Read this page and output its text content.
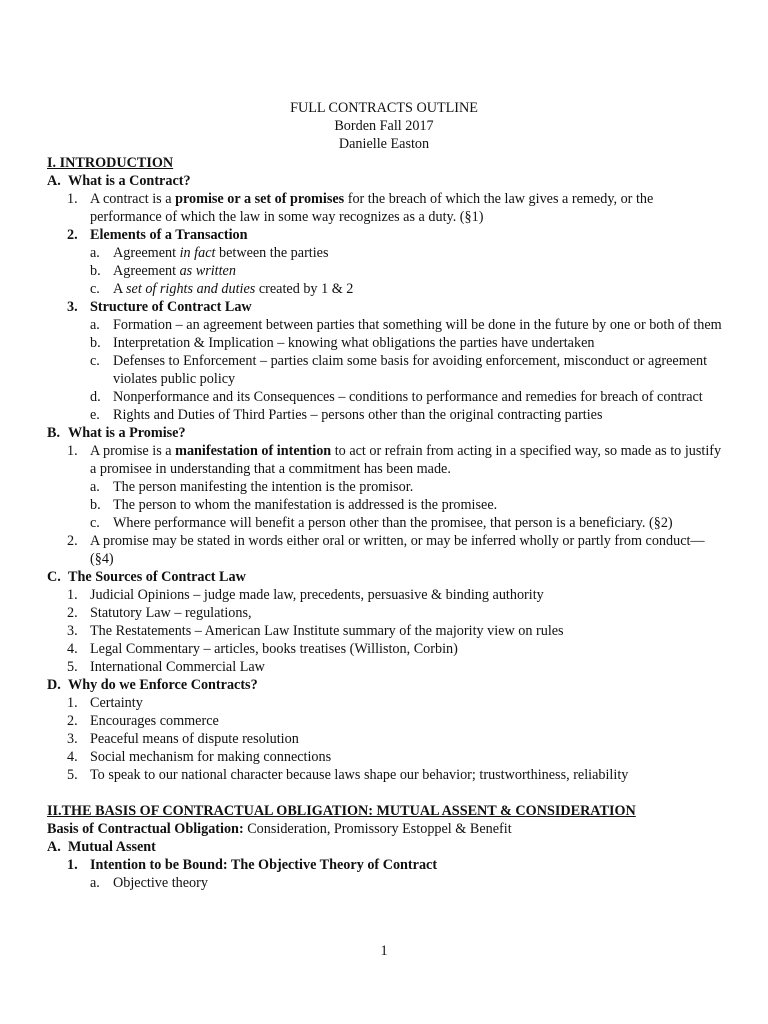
FULL CONTRACTS OUTLINE
Borden Fall 2017
Danielle Easton
I. INTRODUCTION
A. What is a Contract?
1. A contract is a promise or a set of promises for the breach of which the law gives a remedy, or the performance of which the law in some way recognizes as a duty. (§1)
2. Elements of a Transaction
a. Agreement in fact between the parties
b. Agreement as written
c. A set of rights and duties created by 1 & 2
3. Structure of Contract Law
a. Formation – an agreement between parties that something will be done in the future by one or both of them
b. Interpretation & Implication – knowing what obligations the parties have undertaken
c. Defenses to Enforcement – parties claim some basis for avoiding enforcement, misconduct or agreement violates public policy
d. Nonperformance and its Consequences – conditions to performance and remedies for breach of contract
e. Rights and Duties of Third Parties – persons other than the original contracting parties
B. What is a Promise?
1. A promise is a manifestation of intention to act or refrain from acting in a specified way, so made as to justify a promisee in understanding that a commitment has been made.
a. The person manifesting the intention is the promisor.
b. The person to whom the manifestation is addressed is the promisee.
c. Where performance will benefit a person other than the promisee, that person is a beneficiary. (§2)
2. A promise may be stated in words either oral or written, or may be inferred wholly or partly from conduct—(§4)
C. The Sources of Contract Law
1. Judicial Opinions – judge made law, precedents, persuasive & binding authority
2. Statutory Law – regulations,
3. The Restatements – American Law Institute summary of the majority view on rules
4. Legal Commentary – articles, books treatises (Williston, Corbin)
5. International Commercial Law
D. Why do we Enforce Contracts?
1. Certainty
2. Encourages commerce
3. Peaceful means of dispute resolution
4. Social mechanism for making connections
5. To speak to our national character because laws shape our behavior; trustworthiness, reliability
II.THE BASIS OF CONTRACTUAL OBLIGATION: MUTUAL ASSENT & CONSIDERATION
Basis of Contractual Obligation: Consideration, Promissory Estoppel & Benefit
A. Mutual Assent
1. Intention to be Bound: The Objective Theory of Contract
a. Objective theory
1
